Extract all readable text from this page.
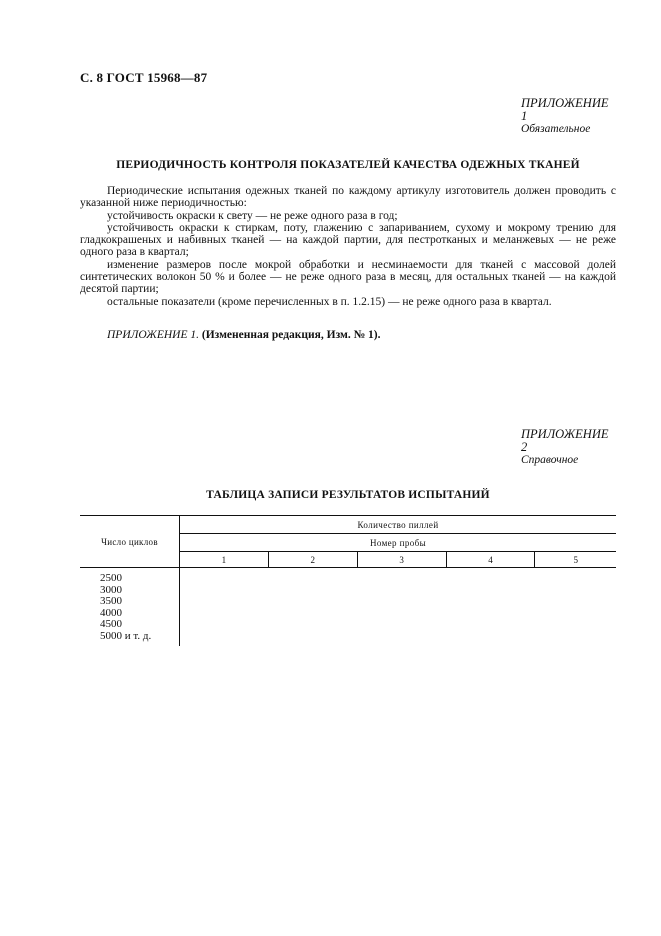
С. 8 ГОСТ 15968—87
ПРИЛОЖЕНИЕ 1
Обязательное
ПЕРИОДИЧНОСТЬ КОНТРОЛЯ ПОКАЗАТЕЛЕЙ КАЧЕСТВА ОДЕЖНЫХ ТКАНЕЙ

Периодические испытания одежных тканей по каждому артикулу изготовитель должен проводить с указанной ниже периодичностью:

устойчивость окраски к свету — не реже одного раза в год;

устойчивость окраски к стиркам, поту, глажению с запариванием, сухому и мокрому трению для гладкокрашеных и набивных тканей — на каждой партии, для пестротканых и меланжевых — не реже одного раза в квартал;

изменение размеров после мокрой обработки и несминаемости для тканей с массовой долей синтетических волокон 50 % и более — не реже одного раза в месяц, для остальных тканей — на каждой десятой партии;

остальные показатели (кроме перечисленных в п. 1.2.15) — не реже одного раза в квартал.

ПРИЛОЖЕНИЕ 1. (Измененная редакция, Изм. № 1).
ПРИЛОЖЕНИЕ 2
Справочное
ТАБЛИЦА ЗАПИСИ РЕЗУЛЬТАТОВ ИСПЫТАНИЙ
Число циклов	Количество пиллей				
	Номер пробы				
	1	2	3	4	5
2500					
3000					
3500					
4000					
4500					
5000 и т. д.					
